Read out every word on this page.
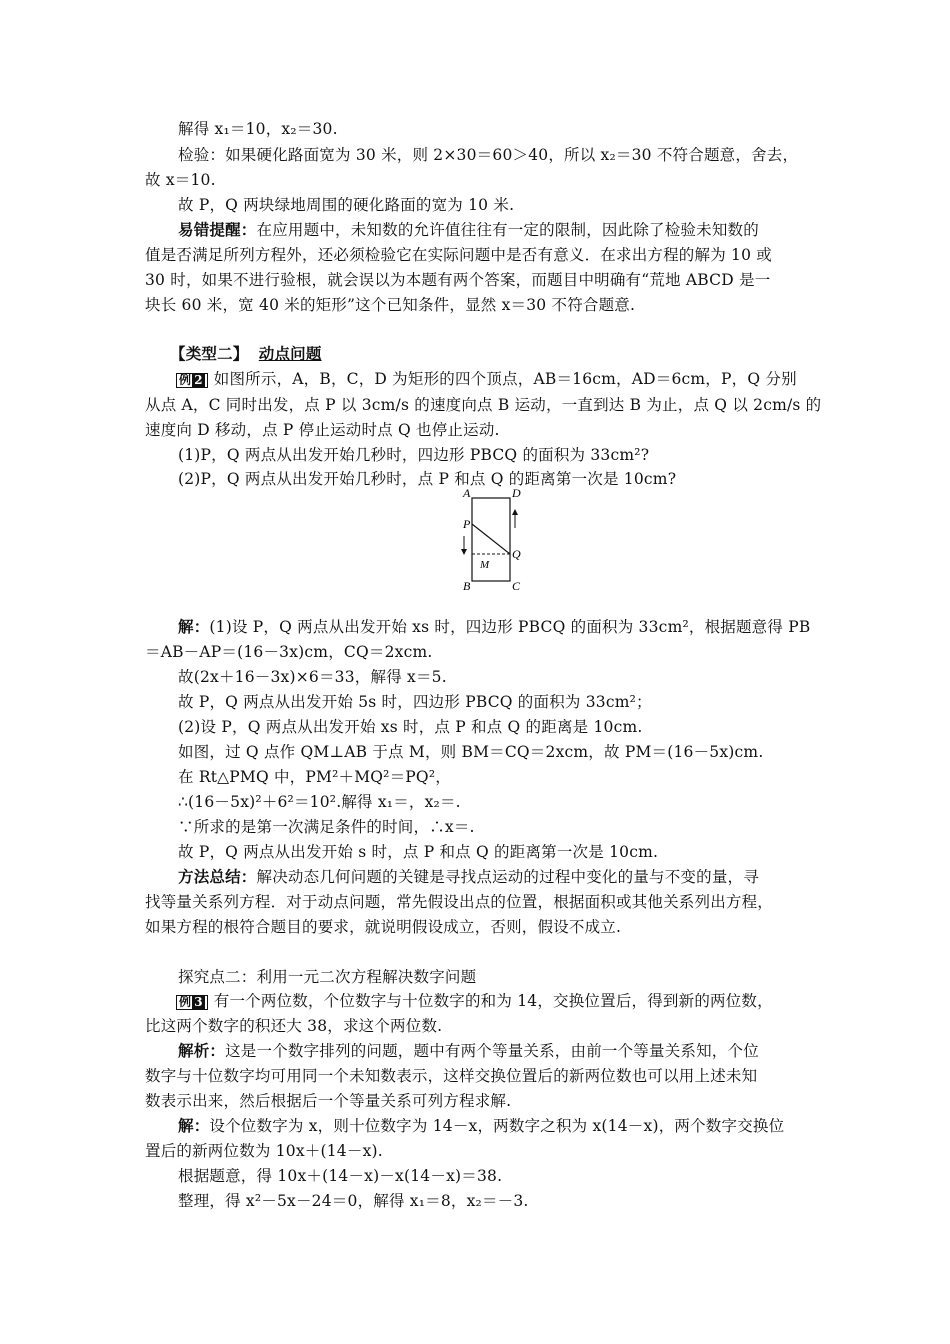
解得 x₁＝10，x₂＝30.
检验：如果硬化路面宽为 30 米，则 2×30＝60＞40，所以 x₂＝30 不符合题意，舍去，
故 x＝10.
故 P，Q 两块绿地周围的硬化路面的宽为 10 米.
易错提醒：在应用题中，未知数的允许值往往有一定的限制，因此除了检验未知数的
值是否满足所列方程外，还必须检验它在实际问题中是否有意义．在求出方程的解为 10 或
30 时，如果不进行验根，就会误以为本题有两个答案，而题目中明确有“荒地 ABCD 是一
块长 60 米，宽 40 米的矩形”这个已知条件，显然 x＝30 不符合题意.
【类型二】 动点问题
例 2 如图所示，A，B，C，D 为矩形的四个顶点，AB＝16cm，AD＝6cm，P，Q 分别
从点 A，C 同时出发，点 P 以 3cm/s 的速度向点 B 运动，一直到达 B 为止，点 Q 以 2cm/s 的
速度向 D 移动，点 P 停止运动时点 Q 也停止运动.
(1)P，Q 两点从出发开始几秒时，四边形 PBCQ 的面积为 33cm²?
(2)P，Q 两点从出发开始几秒时，点 P 和点 Q 的距离第一次是 10cm?
A	D
P
Q
M
B	C
解：(1)设 P，Q 两点从出发开始 xs 时，四边形 PBCQ 的面积为 33cm²，根据题意得 PB
＝AB－AP＝(16－3x)cm，CQ＝2xcm.
故(2x＋16－3x)×6＝33，解得 x＝5.
故 P，Q 两点从出发开始 5s 时，四边形 PBCQ 的面积为 33cm²；
(2)设 P，Q 两点从出发开始 xs 时，点 P 和点 Q 的距离是 10cm.
如图，过 Q 点作 QM⊥AB 于点 M，则 BM＝CQ＝2xcm，故 PM＝(16－5x)cm.
在 Rt△PMQ 中，PM²＋MQ²＝PQ²，
∴(16－5x)²＋6²＝10².解得 x₁＝，x₂＝.
∵所求的是第一次满足条件的时间，∴x＝.
故 P，Q 两点从出发开始 s 时，点 P 和点 Q 的距离第一次是 10cm.
方法总结：解决动态几何问题的关键是寻找点运动的过程中变化的量与不变的量，寻
找等量关系列方程．对于动点问题，常先假设出点的位置，根据面积或其他关系列出方程，
如果方程的根符合题目的要求，就说明假设成立，否则，假设不成立.
探究点二：利用一元二次方程解决数字问题
例 3 有一个两位数，个位数字与十位数字的和为 14，交换位置后，得到新的两位数，
比这两个数字的积还大 38，求这个两位数.
解析：这是一个数字排列的问题，题中有两个等量关系，由前一个等量关系知，个位
数字与十位数字均可用同一个未知数表示，这样交换位置后的新两位数也可以用上述未知
数表示出来，然后根据后一个等量关系可列方程求解.
解：设个位数字为 x，则十位数字为 14－x，两数字之积为 x(14－x)，两个数字交换位
置后的新两位数为 10x＋(14－x).
根据题意，得 10x＋(14－x)－x(14－x)＝38.
整理，得 x²－5x－24＝0，解得 x₁＝8，x₂＝－3.
